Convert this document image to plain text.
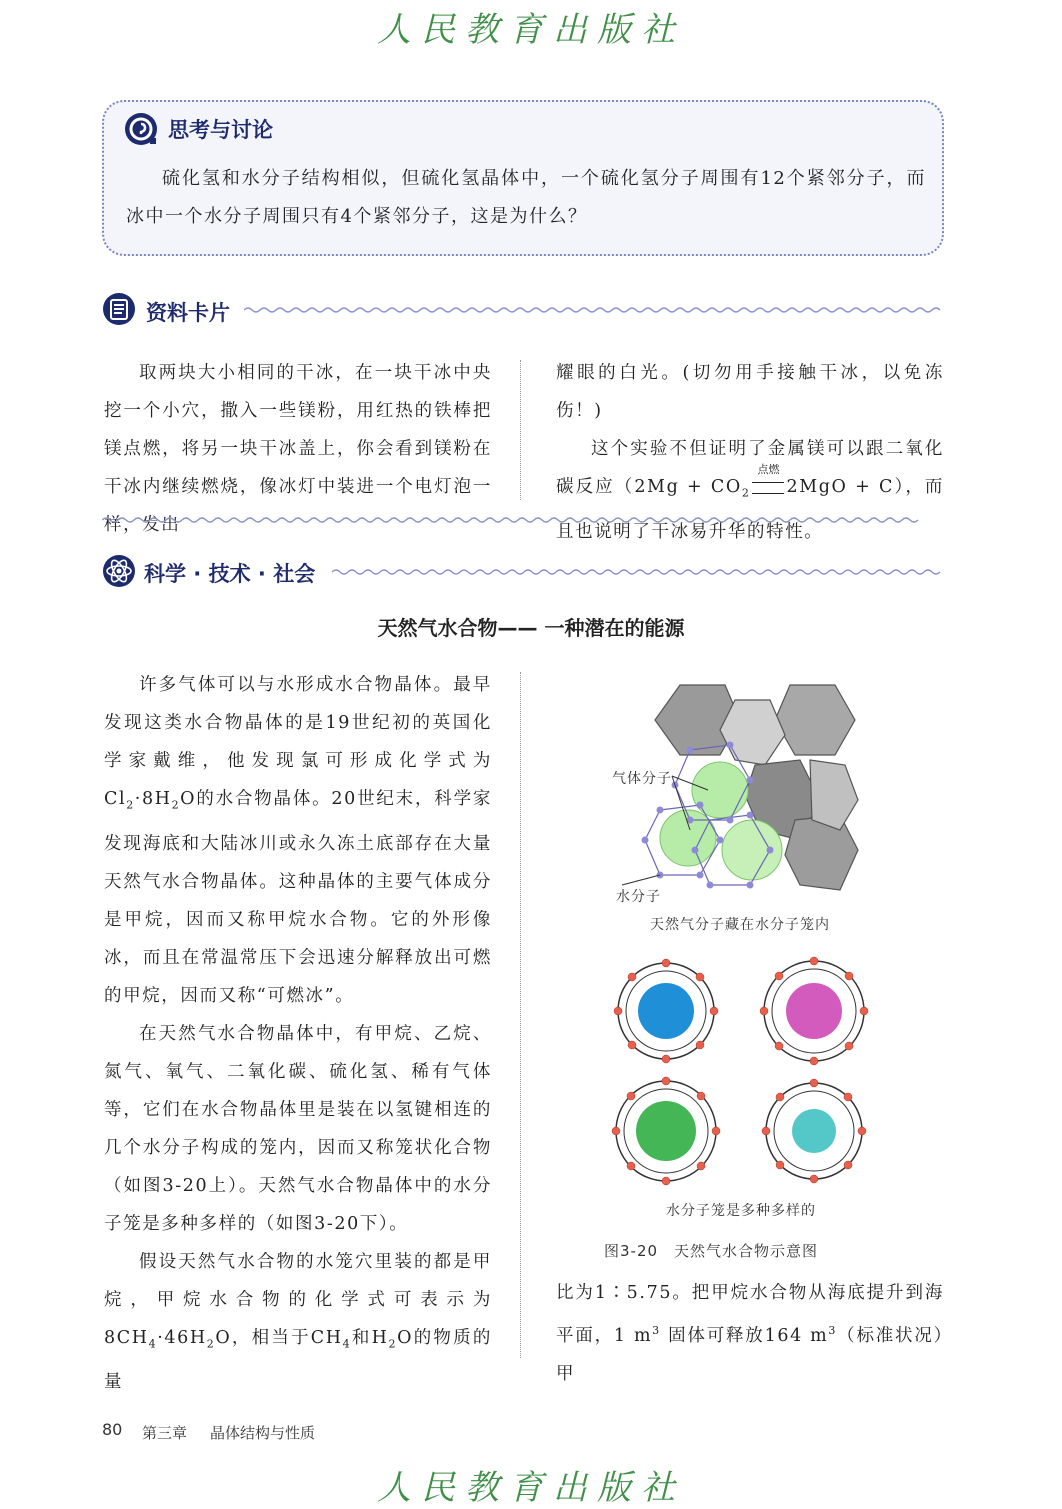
人民教育出版社
思考与讨论
硫化氢和水分子结构相似，但硫化氢晶体中，一个硫化氢分子周围有12个紧邻分子，而冰中一个水分子周围只有4个紧邻分子，这是为什么？
资料卡片
取两块大小相同的干冰，在一块干冰中央挖一个小穴，撒入一些镁粉，用红热的铁棒把镁点燃，将另一块干冰盖上，你会看到镁粉在干冰内继续燃烧，像冰灯中装进一个电灯泡一样，发出

耀眼的白光。(切勿用手接触干冰，以免冻伤！)

这个实验不但证明了金属镁可以跟二氧化碳反应（$2Mg + CO_2$
点燃
2MgO + C），而且也说明了干冰易升华的特性。

科学 · 技术 · 社会
天然气水合物—— 一种潜在的能源

许多气体可以与水形成水合物晶体。最早发现这类水合物晶体的是19世纪初的英国化学家戴维，他发现氯可形成化学式为$Cl_2\cdot 8H_2O$的水合物晶体。20世纪末，科学家发现海底和大陆冰川或永久冻土底部存在大量天然气水合物晶体。这种晶体的主要气体成分是甲烷，因而又称甲烷水合物。它的外形像冰，而且在常温常压下会迅速分解释放出可燃的甲烷，因而又称“可燃冰”。

在天然气水合物晶体中，有甲烷、乙烷、氮气、氧气、二氧化碳、硫化氢、稀有气体等，它们在水合物晶体里是装在以氢键相连的几个水分子构成的笼内，因而又称笼状化合物（如图3-20上）。天然气水合物晶体中的水分子笼是多种多样的（如图3-20下）。

假设天然气水合物的水笼穴里装的都是甲烷，甲烷水合物的化学式可表示为$8CH_4\cdot 46H_2O$，相当于$CH_4$和$H_2O$的物质的量

气体分子
水分子
天然气分子藏在水分子笼内
水分子笼是多种多样的
图3-20　天然气水合物示意图
比为1∶5.75。把甲烷水合物从海底提升到海平面，1 $m^3$ 固体可释放164 $m^3$（标准状况）甲
80 第三章 晶体结构与性质
人民教育出版社
